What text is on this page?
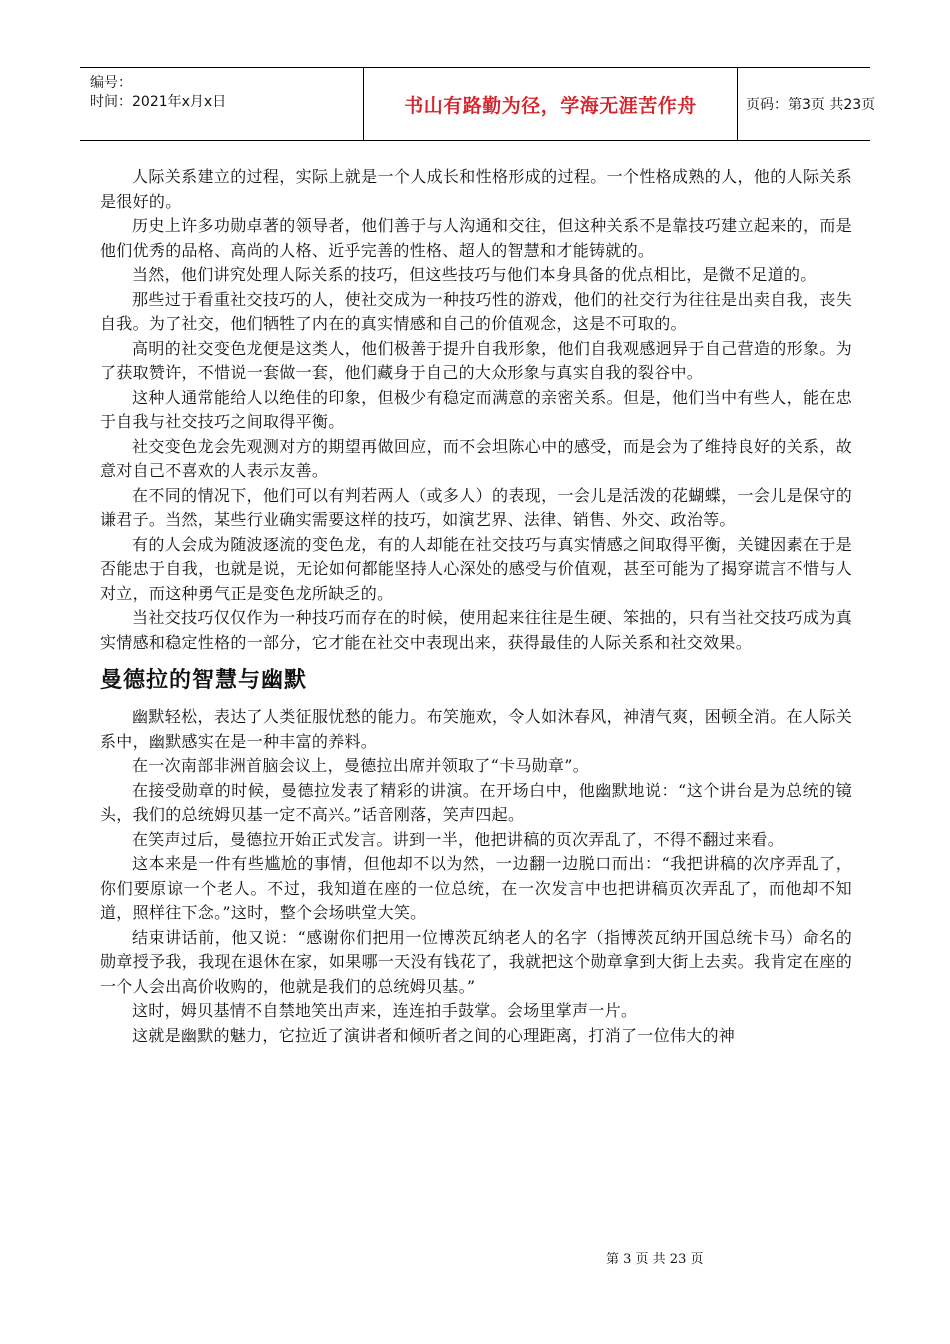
编号：
时间：2021年x月x日	书山有路勤为径，学海无涯苦作舟	页码：第3页 共23页

人际关系建立的过程，实际上就是一个人成长和性格形成的过程。一个性格成熟的人，他的人际关系是很好的。

历史上许多功勋卓著的领导者，他们善于与人沟通和交往，但这种关系不是靠技巧建立起来的，而是他们优秀的品格、高尚的人格、近乎完善的性格、超人的智慧和才能铸就的。

当然，他们讲究处理人际关系的技巧，但这些技巧与他们本身具备的优点相比，是微不足道的。

那些过于看重社交技巧的人，使社交成为一种技巧性的游戏，他们的社交行为往往是出卖自我，丧失自我。为了社交，他们牺牲了内在的真实情感和自己的价值观念，这是不可取的。

高明的社交变色龙便是这类人，他们极善于提升自我形象，他们自我观感迥异于自己营造的形象。为了获取赞许，不惜说一套做一套，他们藏身于自己的大众形象与真实自我的裂谷中。

这种人通常能给人以绝佳的印象，但极少有稳定而满意的亲密关系。但是，他们当中有些人，能在忠于自我与社交技巧之间取得平衡。

社交变色龙会先观测对方的期望再做回应，而不会坦陈心中的感受，而是会为了维持良好的关系，故意对自己不喜欢的人表示友善。

在不同的情况下，他们可以有判若两人（或多人）的表现，一会儿是活泼的花蝴蝶，一会儿是保守的谦君子。当然，某些行业确实需要这样的技巧，如演艺界、法律、销售、外交、政治等。

有的人会成为随波逐流的变色龙，有的人却能在社交技巧与真实情感之间取得平衡，关键因素在于是否能忠于自我，也就是说，无论如何都能坚持人心深处的感受与价值观，甚至可能为了揭穿谎言不惜与人对立，而这种勇气正是变色龙所缺乏的。

当社交技巧仅仅作为一种技巧而存在的时候，使用起来往往是生硬、笨拙的，只有当社交技巧成为真实情感和稳定性格的一部分，它才能在社交中表现出来，获得最佳的人际关系和社交效果。

曼德拉的智慧与幽默

幽默轻松，表达了人类征服忧愁的能力。布笑施欢，令人如沐春风，神清气爽，困顿全消。在人际关系中，幽默感实在是一种丰富的养料。

在一次南部非洲首脑会议上，曼德拉出席并领取了“卡马勋章”。

在接受勋章的时候，曼德拉发表了精彩的讲演。在开场白中，他幽默地说：“这个讲台是为总统的镜头，我们的总统姆贝基一定不高兴。”话音刚落，笑声四起。

在笑声过后，曼德拉开始正式发言。讲到一半，他把讲稿的页次弄乱了，不得不翻过来看。

这本来是一件有些尴尬的事情，但他却不以为然，一边翻一边脱口而出：“我把讲稿的次序弄乱了，你们要原谅一个老人。不过，我知道在座的一位总统，在一次发言中也把讲稿页次弄乱了，而他却不知道，照样往下念。”这时，整个会场哄堂大笑。

结束讲话前，他又说：“感谢你们把用一位博茨瓦纳老人的名字（指博茨瓦纳开国总统卡马）命名的勋章授予我，我现在退休在家，如果哪一天没有钱花了，我就把这个勋章拿到大街上去卖。我肯定在座的一个人会出高价收购的，他就是我们的总统姆贝基。”

这时，姆贝基情不自禁地笑出声来，连连拍手鼓掌。会场里掌声一片。

这就是幽默的魅力，它拉近了演讲者和倾听者之间的心理距离，打消了一位伟大的神

第 3 页 共 23 页
